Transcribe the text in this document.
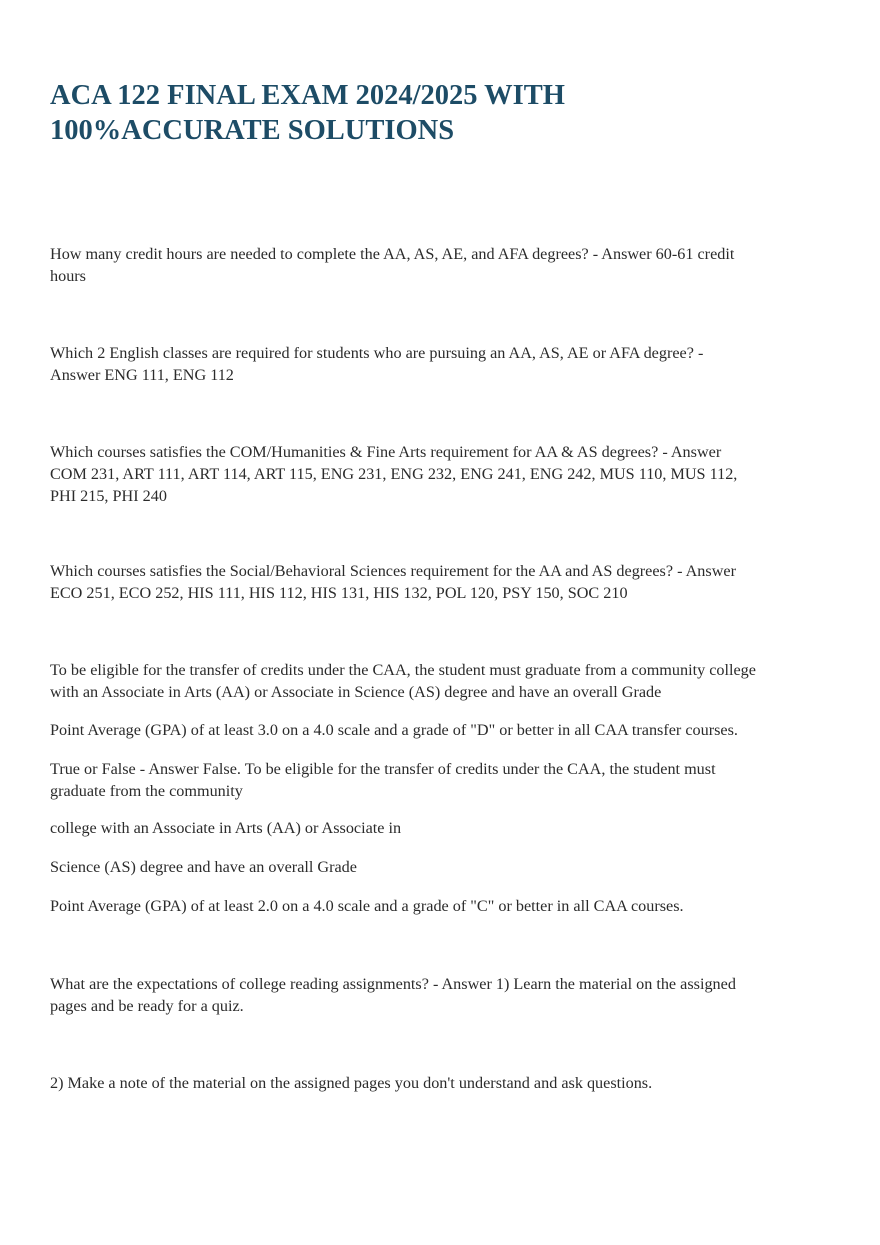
ACA 122 FINAL EXAM 2024/2025 WITH
100%ACCURATE SOLUTIONS

How many credit hours are needed to complete the AA, AS, AE, and AFA degrees? - Answer 60-61 credit
hours

Which 2 English classes are required for students who are pursuing an AA, AS, AE or AFA degree? -
Answer ENG 111, ENG 112

Which courses satisfies the COM/Humanities & Fine Arts requirement for AA & AS degrees? - Answer
COM 231, ART 111, ART 114, ART 115, ENG 231, ENG 232, ENG 241, ENG 242, MUS 110, MUS 112,
PHI 215, PHI 240

Which courses satisfies the Social/Behavioral Sciences requirement for the AA and AS degrees? - Answer
ECO 251, ECO 252, HIS 111, HIS 112, HIS 131, HIS 132, POL 120, PSY 150, SOC 210

To be eligible for the transfer of credits under the CAA, the student must graduate from a community college
with an Associate in Arts (AA) or Associate in Science (AS) degree and have an overall Grade

Point Average (GPA) of at least 3.0 on a 4.0 scale and a grade of "D" or better in all CAA transfer courses.

True or False - Answer False. To be eligible for the transfer of credits under the CAA, the student must
graduate from the community

college with an Associate in Arts (AA) or Associate in

Science (AS) degree and have an overall Grade

Point Average (GPA) of at least 2.0 on a 4.0 scale and a grade of "C" or better in all CAA courses.

What are the expectations of college reading assignments? - Answer 1) Learn the material on the assigned
pages and be ready for a quiz.

2) Make a note of the material on the assigned pages you don't understand and ask questions.
